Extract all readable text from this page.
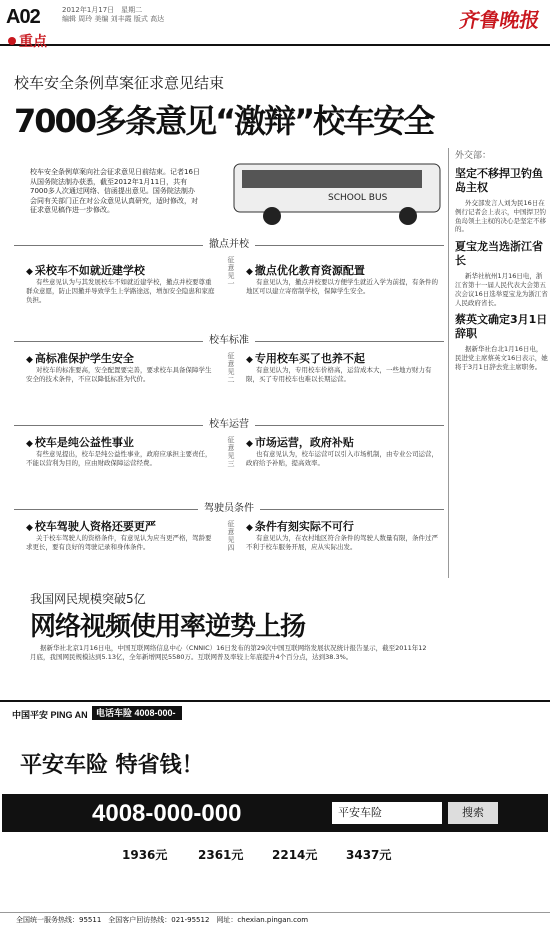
A02	2012年1月17日　星期二
编辑 周玲 美编 刘丰霞 版式 高达
重点
齐鲁晚报
校车安全条例草案征求意见结束
7000多条意见“激辩”校车安全
校车安全条例草案向社会征求意见日前结束。记者16日从国务院法制办获悉，截至2012年1月11日，共有7000多人次通过网络、信函提出意见。国务院法制办会同有关部门正在对公众意见认真研究，适时修改，对征求意见稿作进一步修改。
SCHOOL BUS
外交部：
坚定不移捍卫钓鱼岛主权

外交部发言人刘为民16日在例行记者会上表示，中国捍卫钓鱼岛领土主权的决心是坚定不移的。

夏宝龙当选浙江省长

新华社杭州1月16日电，浙江省第十一届人民代表大会第五次会议16日选举夏宝龙为浙江省人民政府省长。

蔡英文确定3月1日辞职

据新华社台北1月16日电，民进党主席蔡英文16日表示，她将于3月1日辞去党主席职务。

撤点并校
征意见一
◆ 采校车不如就近建学校
有些意见认为与其发展校车不如就近建学校，撤点并校要尊重群众意愿，防止因撤并导致学生上学路途远，增加安全隐患和家庭负担。
◆ 撤点优化教育资源配置
有意见认为，撤点并校要以方便学生就近入学为前提，有条件的地区可以建立寄宿制学校，保障学生安全。
校车标准
征意见二
◆ 高标准保护学生安全
对校车的标准要高，安全配置要完善，要求校车具备保障学生安全的技术条件，不应以降低标准为代价。
◆ 专用校车买了也养不起
有意见认为，专用校车价格高，运营成本大，一些地方财力有限，买了专用校车也难以长期运营。
校车运营
征意见三
◆ 校车是纯公益性事业
有些意见提出，校车是纯公益性事业，政府应承担主要责任，不能以营利为目的，应由财政保障运营经费。
◆ 市场运营，政府补贴
也有意见认为，校车运营可以引入市场机制，由专业公司运营，政府给予补贴，提高效率。
驾驶员条件
征意见四
◆ 校车驾驶人资格还要更严
关于校车驾驶人的资格条件，有意见认为应当更严格，驾龄要求更长，要有良好的驾驶记录和身体条件。
◆ 条件有刻实际不可行
有意见认为，在农村地区符合条件的驾驶人数量有限，条件过严不利于校车服务开展，应从实际出发。
我国网民规模突破5亿
网络视频使用率逆势上扬
据新华社北京1月16日电，中国互联网络信息中心（CNNIC）16日发布的第29次中国互联网络发展状况统计报告显示，截至2011年12月底，我国网民规模达到5.13亿，全年新增网民5580万。互联网普及率较上年底提升4个百分点，达到38.3%。
中国平安 PING AN 电话车险 4008-000-000
平安车险 特省钱！
4008-000-000	平安车险	搜索
1936元	2361元 2214元 3437元
全国统一服务热线：95511　全国客户回访热线：021-95512　网址：chexian.pingan.com
